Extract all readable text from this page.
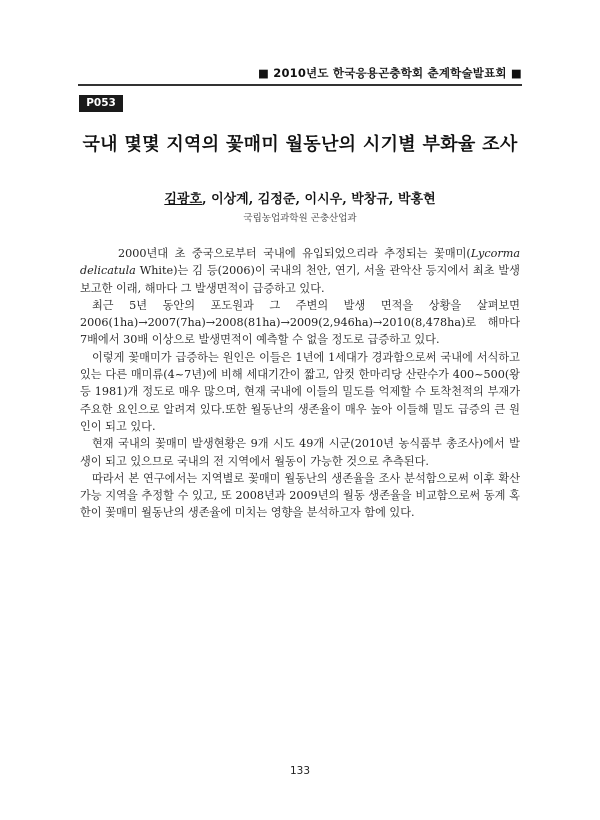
■ 2010년도 한국응용곤충학회 춘계학술발표회 ■
P053
국내 몇몇 지역의 꽃매미 월동난의 시기별 부화율 조사
김광호, 이상계, 김정준, 이시우, 박창규, 박홍현
국립농업과학원 곤충산업과

2000년대 초 중국으로부터 국내에 유입되었으리라 추정되는 꽃매미(Lycorma delicatula White)는 김 등(2006)이 국내의 천안, 연기, 서울 관악산 등지에서 최초 발생 보고한 이래, 해마다 그 발생면적이 급증하고 있다.

최근 5년 동안의 포도원과 그 주변의 발생 면적을 상황을 살펴보면 2006(1ha)→2007(7ha)→2008(81ha)→2009(2,946ha)→2010(8,478ha)로 해마다 7배에서 30배 이상으로 발생면적이 예측할 수 없을 정도로 급증하고 있다.

이렇게 꽃매미가 급증하는 원인은 이들은 1년에 1세대가 경과함으로써 국내에 서식하고 있는 다른 매미류(4~7년)에 비해 세대기간이 짧고, 암컷 한마리당 산란수가 400~500(왕 등 1981)개 정도로 매우 많으며, 현재 국내에 이들의 밀도를 억제할 수 토착천적의 부재가 주요한 요인으로 알려져 있다.또한 월동난의 생존율이 매우 높아 이들해 밀도 급증의 큰 원인이 되고 있다.

현재 국내의 꽃매미 발생현황은 9개 시도 49개 시군(2010년 농식품부 총조사)에서 발생이 되고 있으므로 국내의 전 지역에서 월동이 가능한 것으로 추측된다.

따라서 본 연구에서는 지역별로 꽃매미 월동난의 생존율을 조사 분석함으로써 이후 확산가능 지역을 추정할 수 있고, 또 2008년과 2009년의 월동 생존율을 비교함으로써 동계 혹한이 꽃매미 월동난의 생존율에 미치는 영향을 분석하고자 함에 있다.

133
